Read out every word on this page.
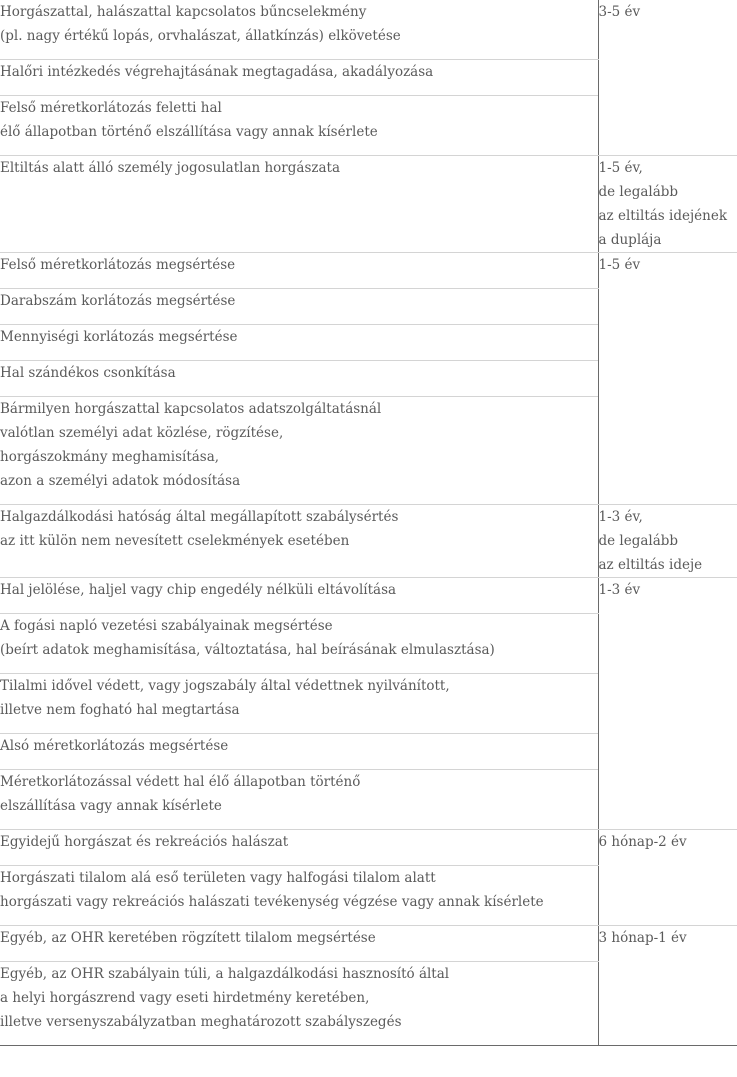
Horgászattal, halászattal kapcsolatos bűncselekmény
(pl. nagy értékű lopás, orvhalászat, állatkínzás) elkövetése	3-5 év

Halőri intézkedés végrehajtásának megtagadása, akadályozása	

Felső méretkorlátozás feletti hal
élő állapotban történő elszállítása vagy annak kísérlete	

Eltiltás alatt álló személy jogosulatlan horgászata	1-5 év,
de legalább
az eltiltás idejének
a duplája

Felső méretkorlátozás megsértése	1-5 év

Darabszám korlátozás megsértése	

Mennyiségi korlátozás megsértése	

Hal szándékos csonkítása	

Bármilyen horgászattal kapcsolatos adatszolgáltatásnál
valótlan személyi adat közlése, rögzítése,
horgászokmány meghamisítása,
azon a személyi adatok módosítása	

Halgazdálkodási hatóság által megállapított szabálysértés
az itt külön nem nevesített cselekmények esetében	1-3 év,
de legalább
az eltiltás ideje

Hal jelölése, haljel vagy chip engedély nélküli eltávolítása	1-3 év

A fogási napló vezetési szabályainak megsértése
(beírt adatok meghamisítása, változtatása, hal beírásának elmulasztása)	

Tilalmi idővel védett, vagy jogszabály által védettnek nyilvánított,
illetve nem fogható hal megtartása	

Alsó méretkorlátozás megsértése	

Méretkorlátozással védett hal élő állapotban történő
elszállítása vagy annak kísérlete	

Egyidejű horgászat és rekreációs halászat	6 hónap-2 év

Horgászati tilalom alá eső területen vagy halfogási tilalom alatt
horgászati vagy rekreációs halászati tevékenység végzése vagy annak kísérlete	

Egyéb, az OHR keretében rögzített tilalom megsértése	3 hónap-1 év

Egyéb, az OHR szabályain túli, a halgazdálkodási hasznosító által
a helyi horgászrend vagy eseti hirdetmény keretében,
illetve versenyszabályzatban meghatározott szabályszegés	
